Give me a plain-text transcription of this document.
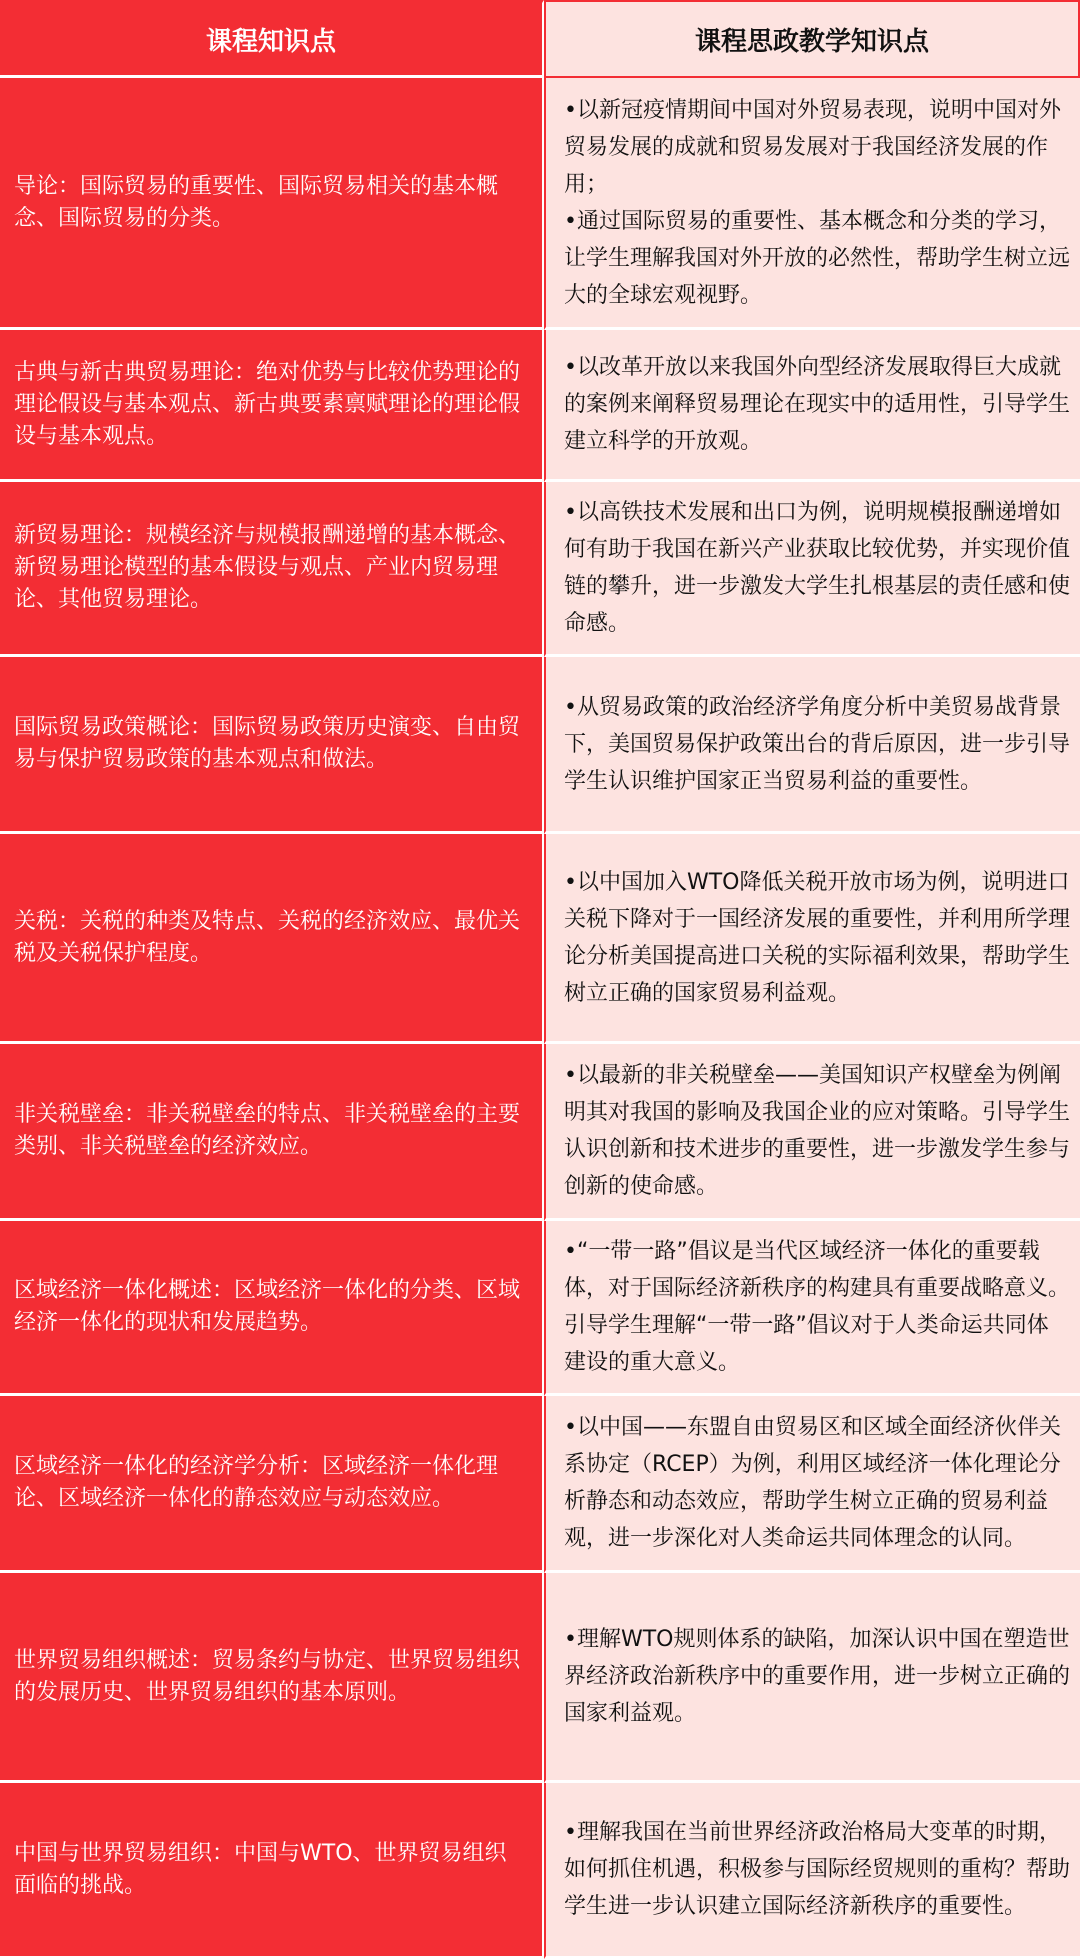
课程知识点	课程思政教学知识点
导论：国际贸易的重要性、国际贸易相关的基本概念、国际贸易的分类。
•以新冠疫情期间中国对外贸易表现，说明中国对外贸易发展的成就和贸易发展对于我国经济发展的作用；
•通过国际贸易的重要性、基本概念和分类的学习，让学生理解我国对外开放的必然性，帮助学生树立远大的全球宏观视野。
古典与新古典贸易理论：绝对优势与比较优势理论的理论假设与基本观点、新古典要素禀赋理论的理论假设与基本观点。
•以改革开放以来我国外向型经济发展取得巨大成就的案例来阐释贸易理论在现实中的适用性，引导学生建立科学的开放观。
新贸易理论：规模经济与规模报酬递增的基本概念、新贸易理论模型的基本假设与观点、产业内贸易理论、其他贸易理论。
•以高铁技术发展和出口为例，说明规模报酬递增如何有助于我国在新兴产业获取比较优势，并实现价值链的攀升，进一步激发大学生扎根基层的责任感和使命感。
国际贸易政策概论：国际贸易政策历史演变、自由贸易与保护贸易政策的基本观点和做法。
•从贸易政策的政治经济学角度分析中美贸易战背景下，美国贸易保护政策出台的背后原因，进一步引导学生认识维护国家正当贸易利益的重要性。
关税：关税的种类及特点、关税的经济效应、最优关税及关税保护程度。
•以中国加入WTO降低关税开放市场为例，说明进口关税下降对于一国经济发展的重要性，并利用所学理论分析美国提高进口关税的实际福利效果，帮助学生树立正确的国家贸易利益观。
非关税壁垒：非关税壁垒的特点、非关税壁垒的主要类别、非关税壁垒的经济效应。
•以最新的非关税壁垒——美国知识产权壁垒为例阐明其对我国的影响及我国企业的应对策略。引导学生认识创新和技术进步的重要性，进一步激发学生参与创新的使命感。
区域经济一体化概述：区域经济一体化的分类、区域经济一体化的现状和发展趋势。
•“一带一路”倡议是当代区域经济一体化的重要载体，对于国际经济新秩序的构建具有重要战略意义。引导学生理解“一带一路”倡议对于人类命运共同体建设的重大意义。
区域经济一体化的经济学分析：区域经济一体化理论、区域经济一体化的静态效应与动态效应。
•以中国——东盟自由贸易区和区域全面经济伙伴关系协定（RCEP）为例，利用区域经济一体化理论分析静态和动态效应，帮助学生树立正确的贸易利益观，进一步深化对人类命运共同体理念的认同。
世界贸易组织概述：贸易条约与协定、世界贸易组织的发展历史、世界贸易组织的基本原则。
•理解WTO规则体系的缺陷，加深认识中国在塑造世界经济政治新秩序中的重要作用，进一步树立正确的国家利益观。
中国与世界贸易组织：中国与WTO、世界贸易组织面临的挑战。
•理解我国在当前世界经济政治格局大变革的时期，如何抓住机遇，积极参与国际经贸规则的重构？帮助学生进一步认识建立国际经济新秩序的重要性。
